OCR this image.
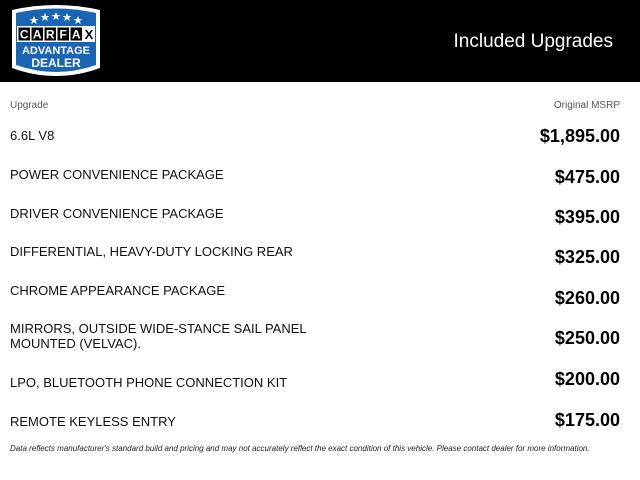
C A R F A X
ADVANTAGE
DEALER
Included Upgrades
Upgrade	Original MSRP
6.6L V8	$1,895.00
POWER CONVENIENCE PACKAGE	$475.00
DRIVER CONVENIENCE PACKAGE	$395.00
DIFFERENTIAL, HEAVY-DUTY LOCKING REAR	$325.00
CHROME APPEARANCE PACKAGE	$260.00
MIRRORS, OUTSIDE WIDE-STANCE SAIL PANEL MOUNTED (VELVAC).	$250.00
LPO, BLUETOOTH PHONE CONNECTION KIT	$200.00
REMOTE KEYLESS ENTRY	$175.00
Data reflects manufacturer's standard build and pricing and may not accurately reflect the exact condition of this vehicle. Please contact dealer for more information.
